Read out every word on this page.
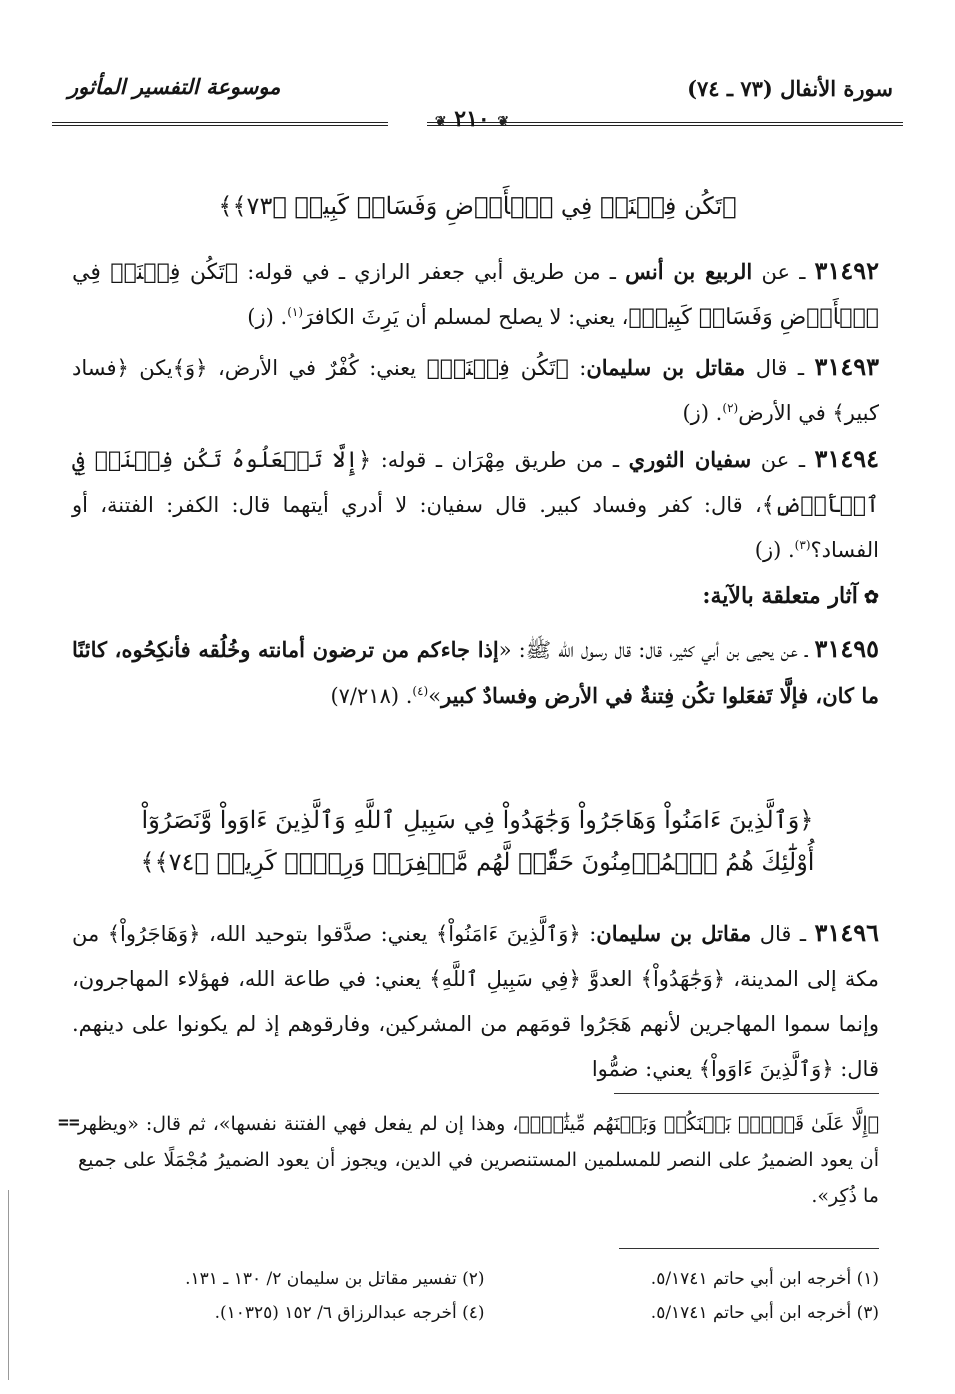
سورة الأنفال (٧٣ ـ ٧٤)
موسوعة التفسير المأثور
❦ ٢١٠ ❦
﴿تَكُن فِتۡنَةٞ فِي ٱلۡأَرۡضِ وَفَسَادٞ كَبِيرٞ ﴿٧٣﴾﴾
٣١٤٩٢ ـ عن الربيع بن أنس ـ من طريق أبي جعفر الرازي ـ في قوله: ﴿تَكُن فِتۡنَةٞ فِي ٱلۡأَرۡضِ وَفَسَادٞ كَبِيرٞ﴾، يعني: لا يصلح لمسلم أن يَرِثَ الكافرَ$^{(١)}$. (ز)
٣١٤٩٣ ـ قال مقاتل بن سليمان: ﴿تَكُن فِتۡنَةٞ﴾ يعني: كُفْرٌ في الأرض، ﴿وَ﴾يكن ﴿فساد كبير﴾ في الأرض$^{(٢)}$. (ز)
٣١٤٩٤ ـ عن سفيان الثوري ـ من طريق مِهْرَان ـ قوله: ﴿إِلَّا تَفۡعَلُوهُ تَكُن فِتۡنَةٞ فِي ٱلۡأَرۡضِ﴾، قال: كفر وفساد كبير. قال سفيان: لا أدري أيتهما قال: الكفر: الفتنة، أو الفساد؟$^{(٣)}$. (ز)
✿آثار متعلقة بالآية:
٣١٤٩٥ ـ عن يحيى بن أبي كثير، قال: قال رسول الله ﷺ: «إذا جاءكم من ترضون أمانته وخُلُقه فأنكِحُوه، كائنًا ما كان، فإلَّا تَفعَلوا تكُن فِتنةٌ في الأرض وفسادٌ كبير»$^{(٤)}$. (٧/٢١٨)
﴿وَٱلَّذِينَ ءَامَنُواْ وَهَاجَرُواْ وَجَٰهَدُواْ فِي سَبِيلِ ٱللَّهِ وَٱلَّذِينَ ءَاوَواْ وَّنَصَرُوٓاْ
أُوْلَٰٓئِكَ هُمُ ٱلۡمُؤۡمِنُونَ حَقّٗاۚ لَّهُم مَّغۡفِرَةٞ وَرِزۡقٞ كَرِيمٞ ﴿٧٤﴾﴾
٣١٤٩٦ ـ قال مقاتل بن سليمان: ﴿وَٱلَّذِينَ ءَامَنُواْ﴾ يعني: صدَّقوا بتوحيد الله، ﴿وَهَاجَرُواْ﴾ من مكة إلى المدينة، ﴿وَجَٰهَدُواْ﴾ العدوَّ ﴿فِي سَبِيلِ ٱللَّهِ﴾ يعني: في طاعة الله، فهؤلاء المهاجرون، وإنما سموا المهاجرين لأنهم هَجَرُوا قومَهم من المشركين، وفارقوهم إذ لم يكونوا على دينهم. قال: ﴿وَٱلَّذِينَ ءَاوَواْ﴾ يعني: ضمُّوا
==
﴿إِلَّا عَلَىٰ قَوۡمِۭ بَيۡنَكُمۡ وَبَيۡنَهُم مِّيثَٰقٞۗ﴾، وهذا إن لم يفعل فهي الفتنة نفسها»، ثم قال: «ويظهر أن يعود الضميرُ على النصر للمسلمين المستنصرين في الدين، ويجوز أن يعود الضميرُ مُجْمَلًا على جميع ما ذُكِر».
(١) أخرجه ابن أبي حاتم ٥/١٧٤١.
(٢) تفسير مقاتل بن سليمان ٢/ ١٣٠ ـ ١٣١.
(٣) أخرجه ابن أبي حاتم ٥/١٧٤١.
(٤) أخرجه عبدالرزاق ٦/ ١٥٢ (١٠٣٢٥).
